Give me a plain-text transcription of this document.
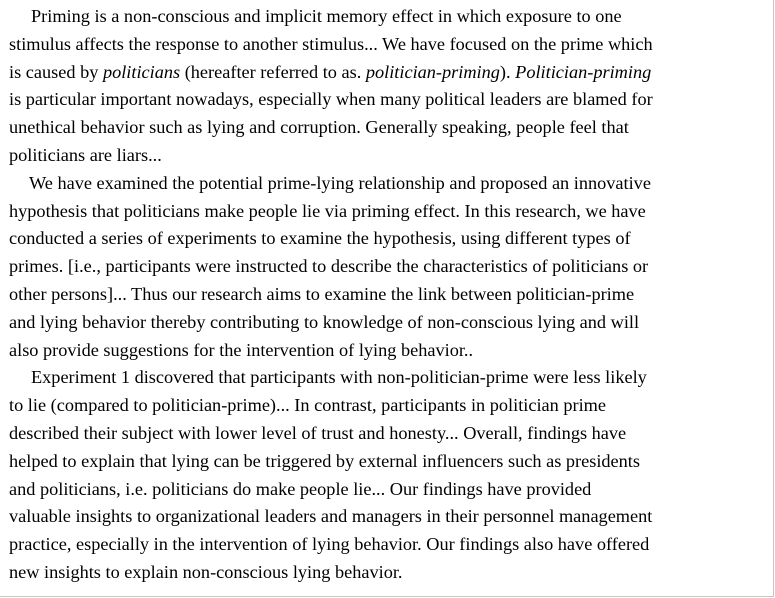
Priming is a non-conscious and implicit memory effect in which exposure to one
stimulus affects the response to another stimulus... We have focused on the prime which
is caused by politicians (hereafter referred to as. politician-priming). Politician-priming
is particular important nowadays, especially when many political leaders are blamed for
unethical behavior such as lying and corruption. Generally speaking, people feel that
politicians are liars...
We have examined the potential prime-lying relationship and proposed an innovative
hypothesis that politicians make people lie via priming effect. In this research, we have
conducted a series of experiments to examine the hypothesis, using different types of
primes. [i.e., participants were instructed to describe the characteristics of politicians or
other persons]... Thus our research aims to examine the link between politician-prime
and lying behavior thereby contributing to knowledge of non-conscious lying and will
also provide suggestions for the intervention of lying behavior..
Experiment 1 discovered that participants with non-politician-prime were less likely
to lie (compared to politician-prime)... In contrast, participants in politician prime
described their subject with lower level of trust and honesty... Overall, findings have
helped to explain that lying can be triggered by external influencers such as presidents
and politicians, i.e. politicians do make people lie... Our findings have provided
valuable insights to organizational leaders and managers in their personnel management
practice, especially in the intervention of lying behavior. Our findings also have offered
new insights to explain non-conscious lying behavior.
